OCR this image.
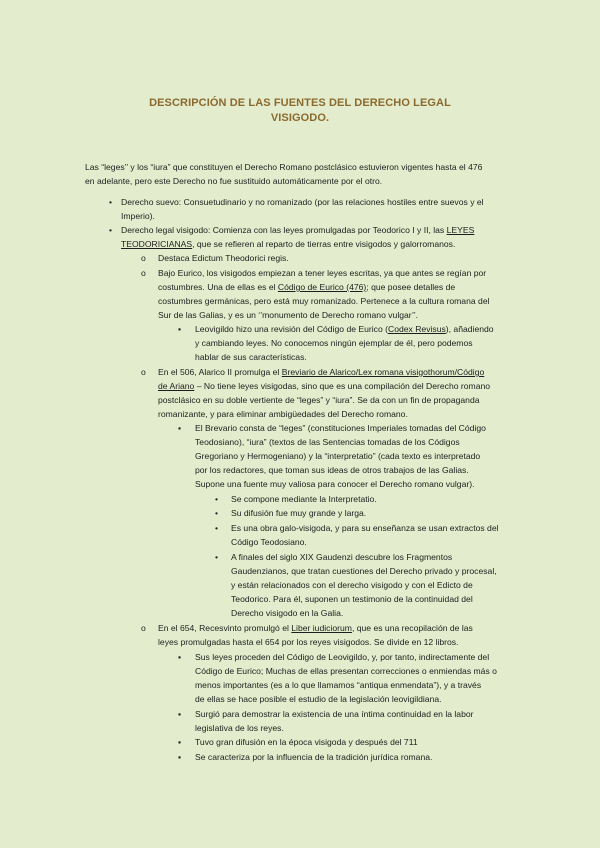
DESCRIPCIÓN DE LAS FUENTES DEL DERECHO LEGAL
VISIGODO.
Las “leges’’ y los “iura” que constituyen el Derecho Romano postclásico estuvieron vigentes hasta el 476
en adelante, pero este Derecho no fue sustituido automáticamente por el otro.
• Derecho suevo: Consuetudinario y no romanizado (por las relaciones hostiles entre suevos y el
Imperio).
• Derecho legal visigodo: Comienza con las leyes promulgadas por Teodorico I y II, las LEYES
TEODORICIANAS, que se refieren al reparto de tierras entre visigodos y galorromanos.
o Destaca Edictum Theodorici regis.
o Bajo Eurico, los visigodos empiezan a tener leyes escritas, ya que antes se regían por
costumbres. Una de ellas es el Código de Eurico (476); que posee detalles de
costumbres germánicas, pero está muy romanizado. Pertenece a la cultura romana del
Sur de las Galias, y es un ‘’monumento de Derecho romano vulgar’’.
▪ Leovigildo hizo una revisión del Código de Eurico (Codex Revisus), añadiendo
y cambiando leyes. No conocemos ningún ejemplar de él, pero podemos
hablar de sus características.
o En el 506, Alarico II promulga el Breviario de Alarico/Lex romana visigothorum/Código
de Ariano – No tiene leyes visigodas, sino que es una compilación del Derecho romano
postclásico en su doble vertiente de “leges” y “iura”. Se da con un fin de propaganda
romanizante, y para eliminar ambigüedades del Derecho romano.
▪ El Brevario consta de “leges” (constituciones Imperiales tomadas del Código
Teodosiano), “iura” (textos de las Sentencias tomadas de los Códigos
Gregoriano y Hermogeniano) y la “interpretatio” (cada texto es interpretado
por los redactores, que toman sus ideas de otros trabajos de las Galias.
Supone una fuente muy valiosa para conocer el Derecho romano vulgar).
• Se compone mediante la Interpretatio.
• Su difusión fue muy grande y larga.
• Es una obra galo-visigoda, y para su enseñanza se usan extractos del
Código Teodosiano.
• A finales del siglo XIX Gaudenzi descubre los Fragmentos
Gaudenzianos, que tratan cuestiones del Derecho privado y procesal,
y están relacionados con el derecho visigodo y con el Edicto de
Teodorico. Para él, suponen un testimonio de la continuidad del
Derecho visigodo en la Galia.
o En el 654, Recesvinto promulgó el Liber iudiciorum, que es una recopilación de las
leyes promulgadas hasta el 654 por los reyes visigodos. Se divide en 12 libros.
▪ Sus leyes proceden del Código de Leovigildo, y, por tanto, indirectamente del
Código de Eurico; Muchas de ellas presentan correcciones o enmiendas más o
menos importantes (es a lo que llamamos “antiqua enmendata”), y a través
de ellas se hace posible el estudio de la legislación leovigildiana.
▪ Surgió para demostrar la existencia de una íntima continuidad en la labor
legislativa de los reyes.
▪ Tuvo gran difusión en la época visigoda y después del 711
▪ Se caracteriza por la influencia de la tradición jurídica romana.
